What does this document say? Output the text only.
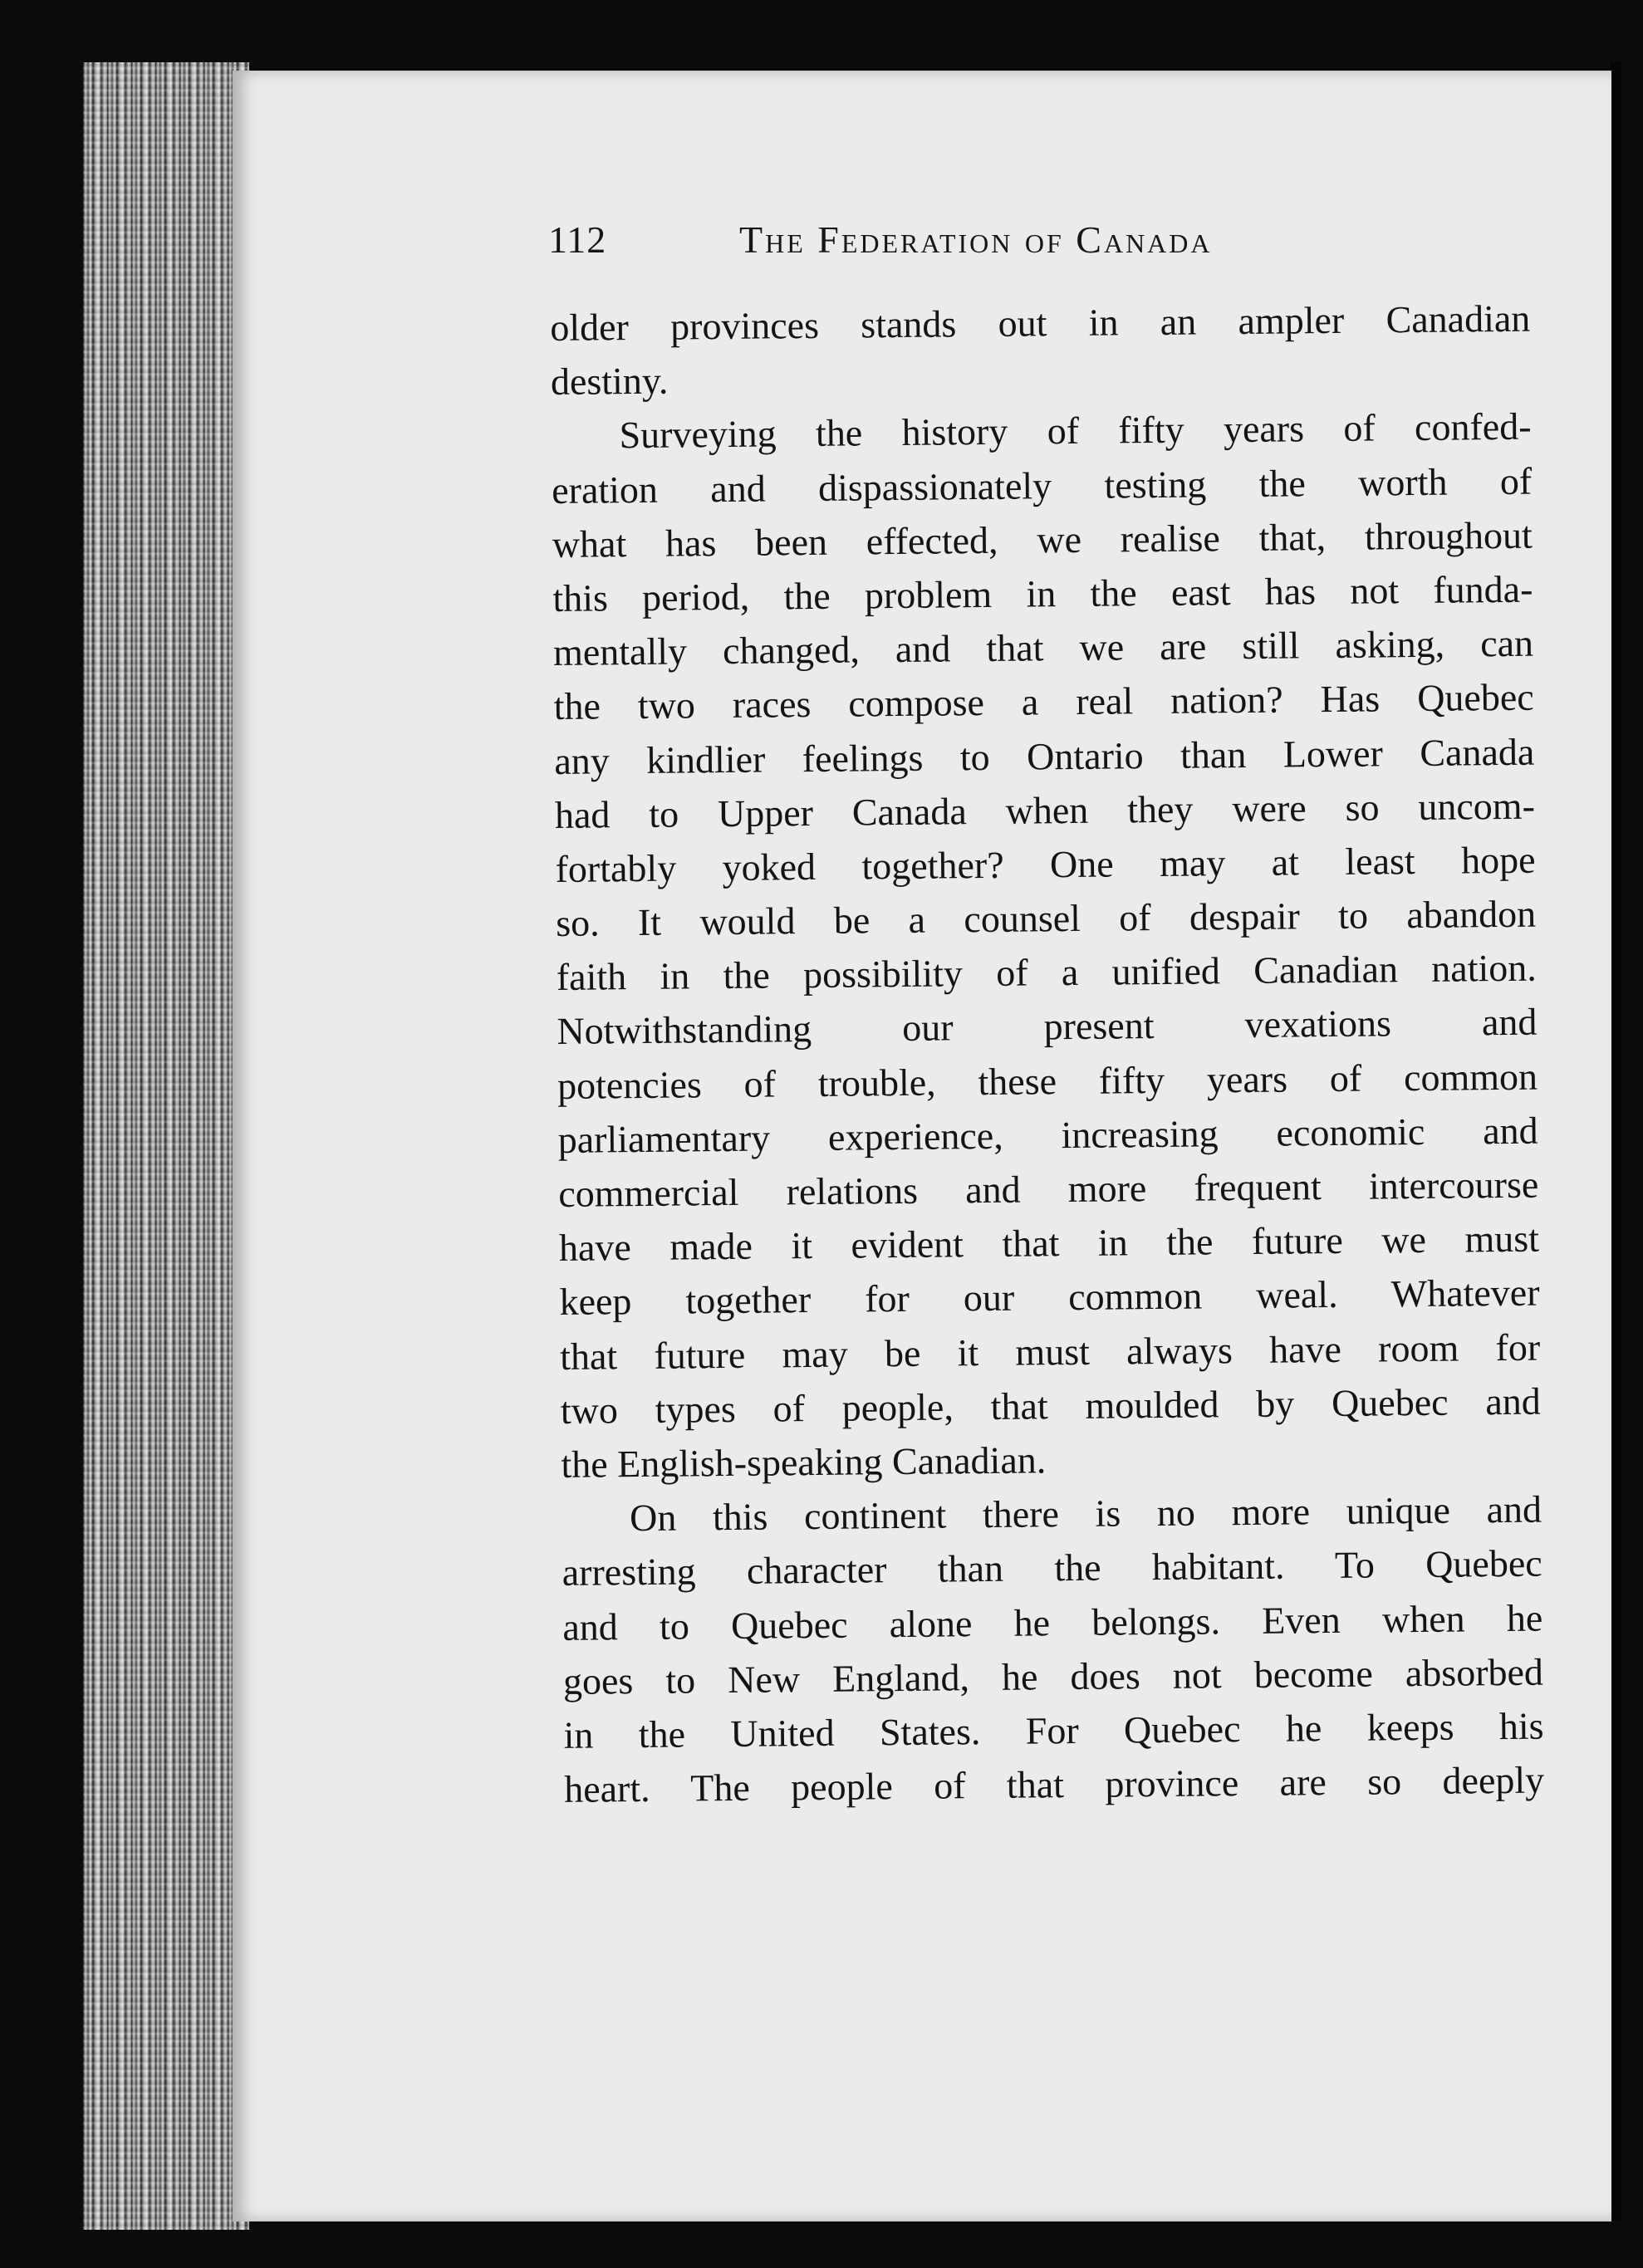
112	The Federation of Canada
older provinces stands out in an ampler Canadian
destiny.
Surveying the history of fifty years of confed-
eration and dispassionately testing the worth of
what has been effected, we realise that, throughout
this period, the problem in the east has not funda-
mentally changed, and that we are still asking, can
the two races compose a real nation? Has Quebec
any kindlier feelings to Ontario than Lower Canada
had to Upper Canada when they were so uncom-
fortably yoked together? One may at least hope
so. It would be a counsel of despair to abandon
faith in the possibility of a unified Canadian nation.
Notwithstanding our present vexations and
potencies of trouble, these fifty years of common
parliamentary experience, increasing economic and
commercial relations and more frequent intercourse
have made it evident that in the future we must
keep together for our common weal. Whatever
that future may be it must always have room for
two types of people, that moulded by Quebec and
the English-speaking Canadian.
On this continent there is no more unique and
arresting character than the habitant. To Quebec
and to Quebec alone he belongs. Even when he
goes to New England, he does not become absorbed
in the United States. For Quebec he keeps his
heart. The people of that province are so deeply
